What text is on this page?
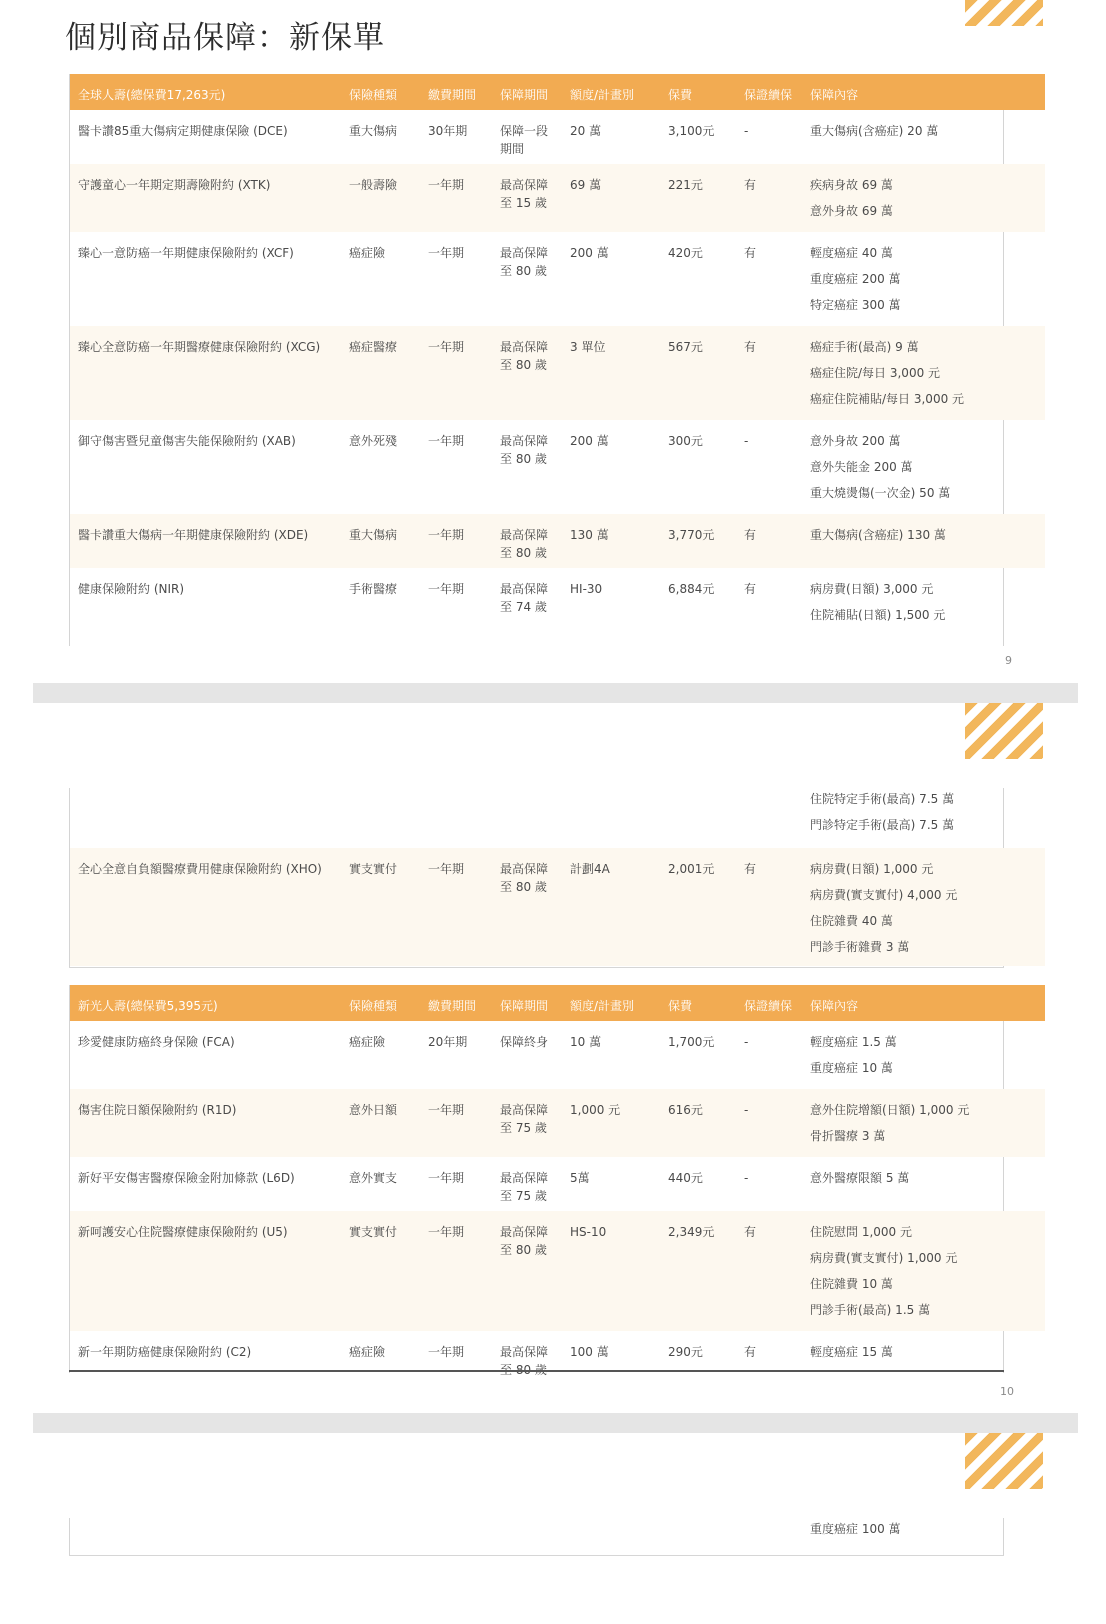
個別商品保障：新保單
全球人壽(總保費17,263元)	保險種類	繳費期間 保障期間 額度/計畫別	保費	保證續保 保障內容
醫卡讚85重大傷病定期健康保險 (DCE)	重大傷病	30年期	保障一段
期間
20 萬	3,100元 -	重大傷病(含癌症) 20 萬
守護童心一年期定期壽險附約 (XTK)	一般壽險	一年期	最高保障
至 15 歲
69 萬	221元	有	疾病身故 69 萬
意外身故 69 萬
臻心一意防癌一年期健康保險附約 (XCF)	癌症險	一年期	最高保障
至 80 歲
200 萬	420元	有	輕度癌症 40 萬
重度癌症 200 萬
特定癌症 300 萬
臻心全意防癌一年期醫療健康保險附約 (XCG) 癌症醫療	一年期	最高保障
至 80 歲
3 單位	567元	有	癌症手術(最高) 9 萬
癌症住院/每日 3,000 元
癌症住院補貼/每日 3,000 元
御守傷害暨兒童傷害失能保險附約 (XAB)	意外死殘	一年期	最高保障
至 80 歲
200 萬	300元	-	意外身故 200 萬
意外失能金 200 萬
重大燒燙傷(一次金) 50 萬
醫卡讚重大傷病一年期健康保險附約 (XDE)	重大傷病	一年期	最高保障
至 80 歲
130 萬	3,770元 有	重大傷病(含癌症) 130 萬
健康保險附約 (NIR)	手術醫療	一年期	最高保障
至 74 歲
HI-30	6,884元 有	病房費(日額) 3,000 元
住院補貼(日額) 1,500 元
9
住院特定手術(最高) 7.5 萬
門診特定手術(最高) 7.5 萬
全心全意自負額醫療費用健康保險附約 (XHO) 實支實付	一年期	最高保障
至 80 歲
計劃4A	2,001元 有	病房費(日額) 1,000 元
病房費(實支實付) 4,000 元
住院雜費 40 萬
門診手術雜費 3 萬
新光人壽(總保費5,395元)	保險種類	繳費期間 保障期間 額度/計畫別	保費	保證續保 保障內容
珍愛健康防癌終身保險 (FCA)	癌症險	20年期	保障終身 10 萬	1,700元 -	輕度癌症 1.5 萬
重度癌症 10 萬
傷害住院日額保險附約 (R1D)	意外日額	一年期	最高保障
至 75 歲
1,000 元	616元	-	意外住院增額(日額) 1,000 元
骨折醫療 3 萬
新好平安傷害醫療保險金附加條款 (L6D)	意外實支	一年期	最高保障
至 75 歲
5萬	440元	-	意外醫療限額 5 萬
新呵護安心住院醫療健康保險附約 (U5)	實支實付	一年期	最高保障
至 80 歲
HS-10	2,349元 有	住院慰問 1,000 元
病房費(實支實付) 1,000 元
住院雜費 10 萬
門診手術(最高) 1.5 萬
新一年期防癌健康保險附約 (C2)	癌症險	一年期	最高保障 100 萬	290元	有	輕度癌症 15 萬
10
重度癌症 100 萬
